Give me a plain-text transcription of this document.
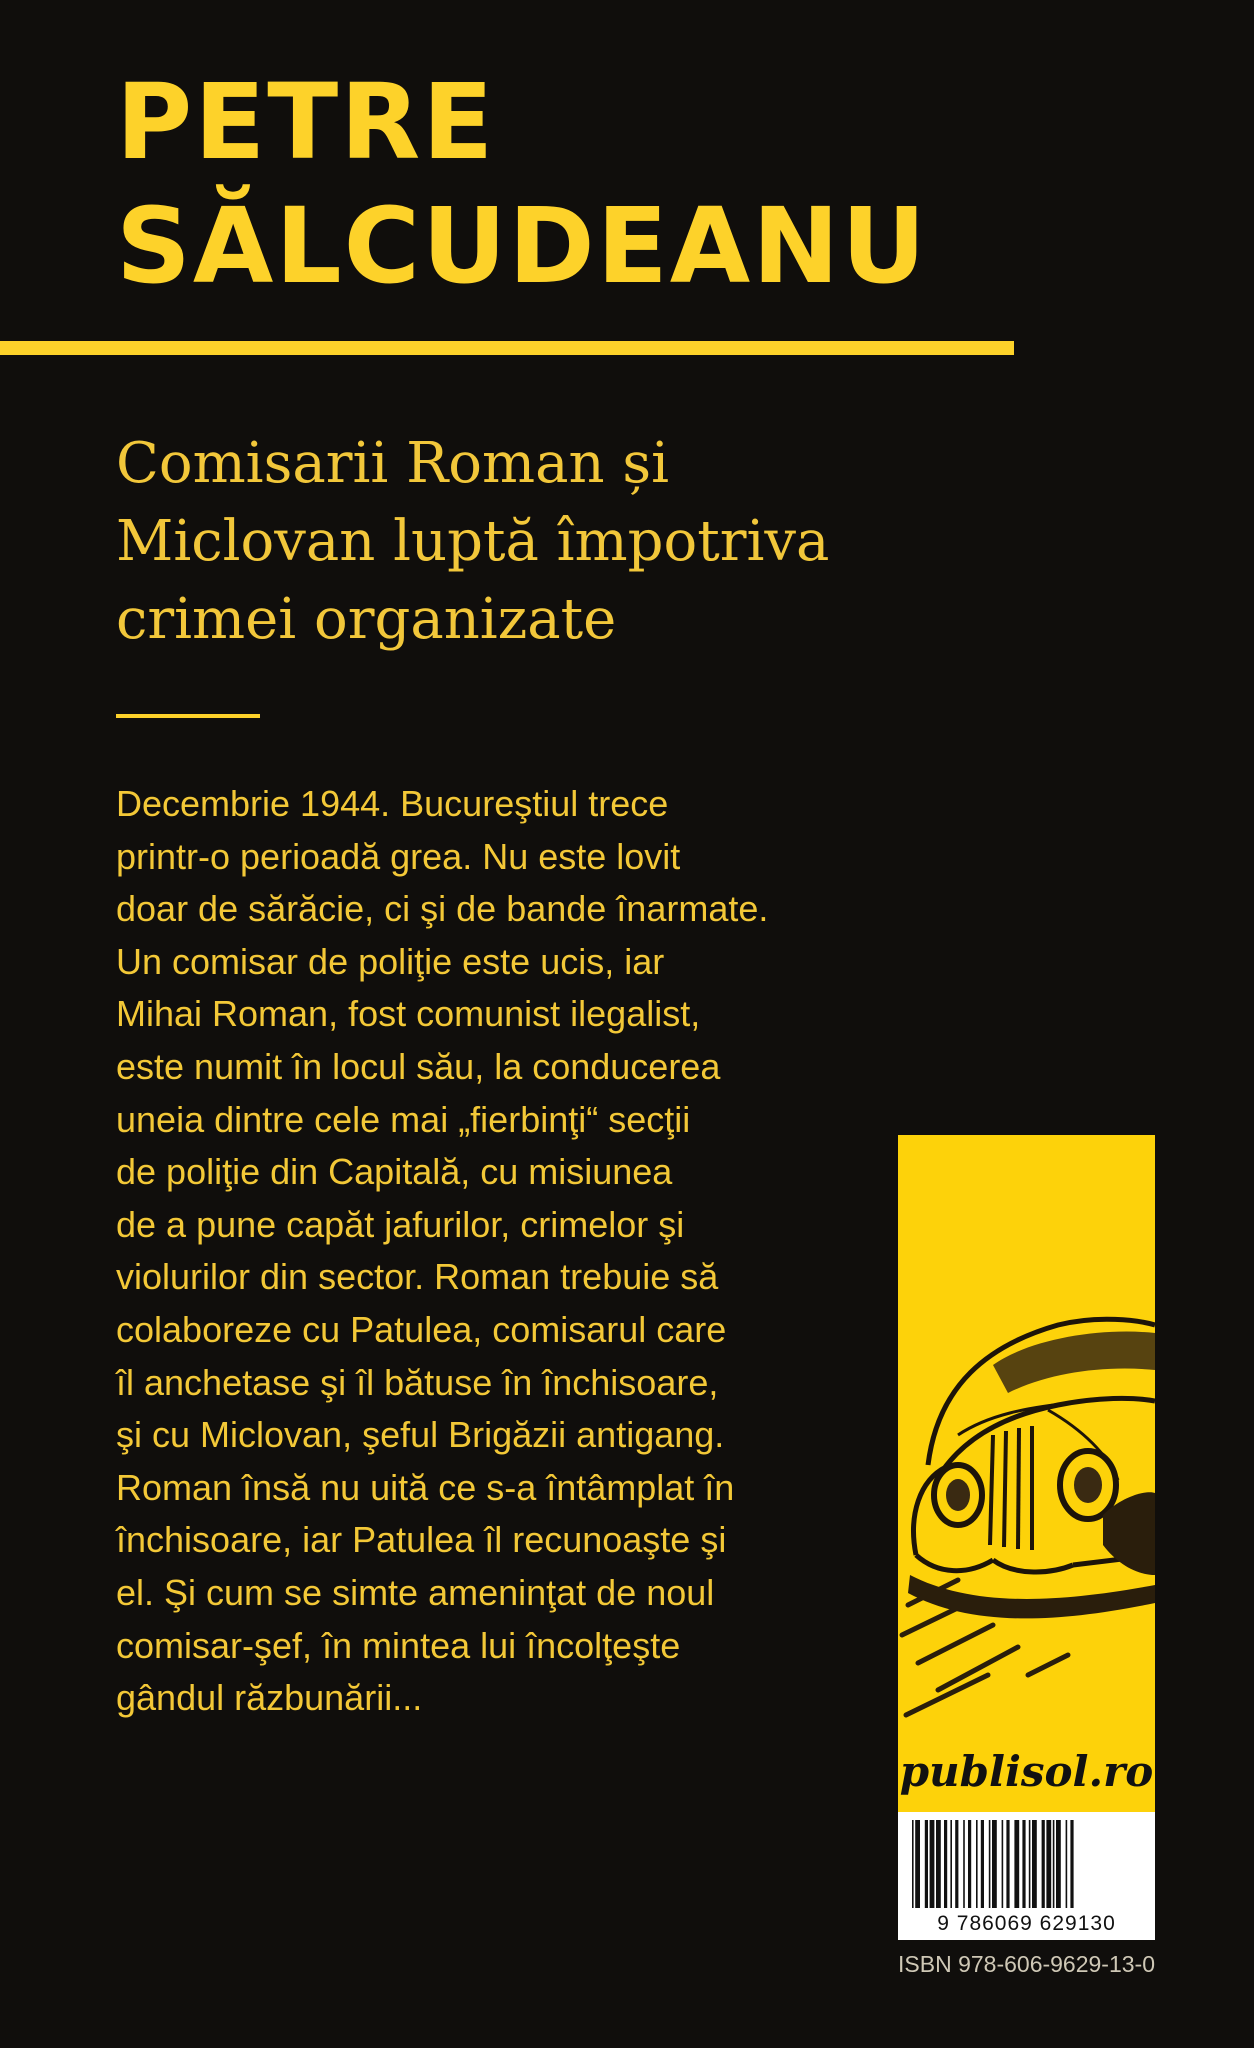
PETRE
SĂLCUDEANU
Comisarii Roman și
Miclovan luptă împotriva
crimei organizate

Decembrie 1944. Bucureştiul trece
printr-o perioadă grea. Nu este lovit
doar de sărăcie, ci şi de bande înarmate.
Un comisar de poliţie este ucis, iar
Mihai Roman, fost comunist ilegalist,
este numit în locul său, la conducerea
uneia dintre cele mai „fierbinţi“ secţii
de poliţie din Capitală, cu misiunea
de a pune capăt jafurilor, crimelor şi
violurilor din sector. Roman trebuie să
colaboreze cu Patulea, comisarul care
îl anchetase şi îl bătuse în închisoare,
şi cu Miclovan, şeful Brigăzii antigang.
Roman însă nu uită ce s-a întâmplat în
închisoare, iar Patulea îl recunoaşte şi
el. Şi cum se simte ameninţat de noul
comisar-şef, în mintea lui încolţeşte
gândul răzbunării...

publisol.ro
9 786069 629130
ISBN 978-606-9629-13-0
